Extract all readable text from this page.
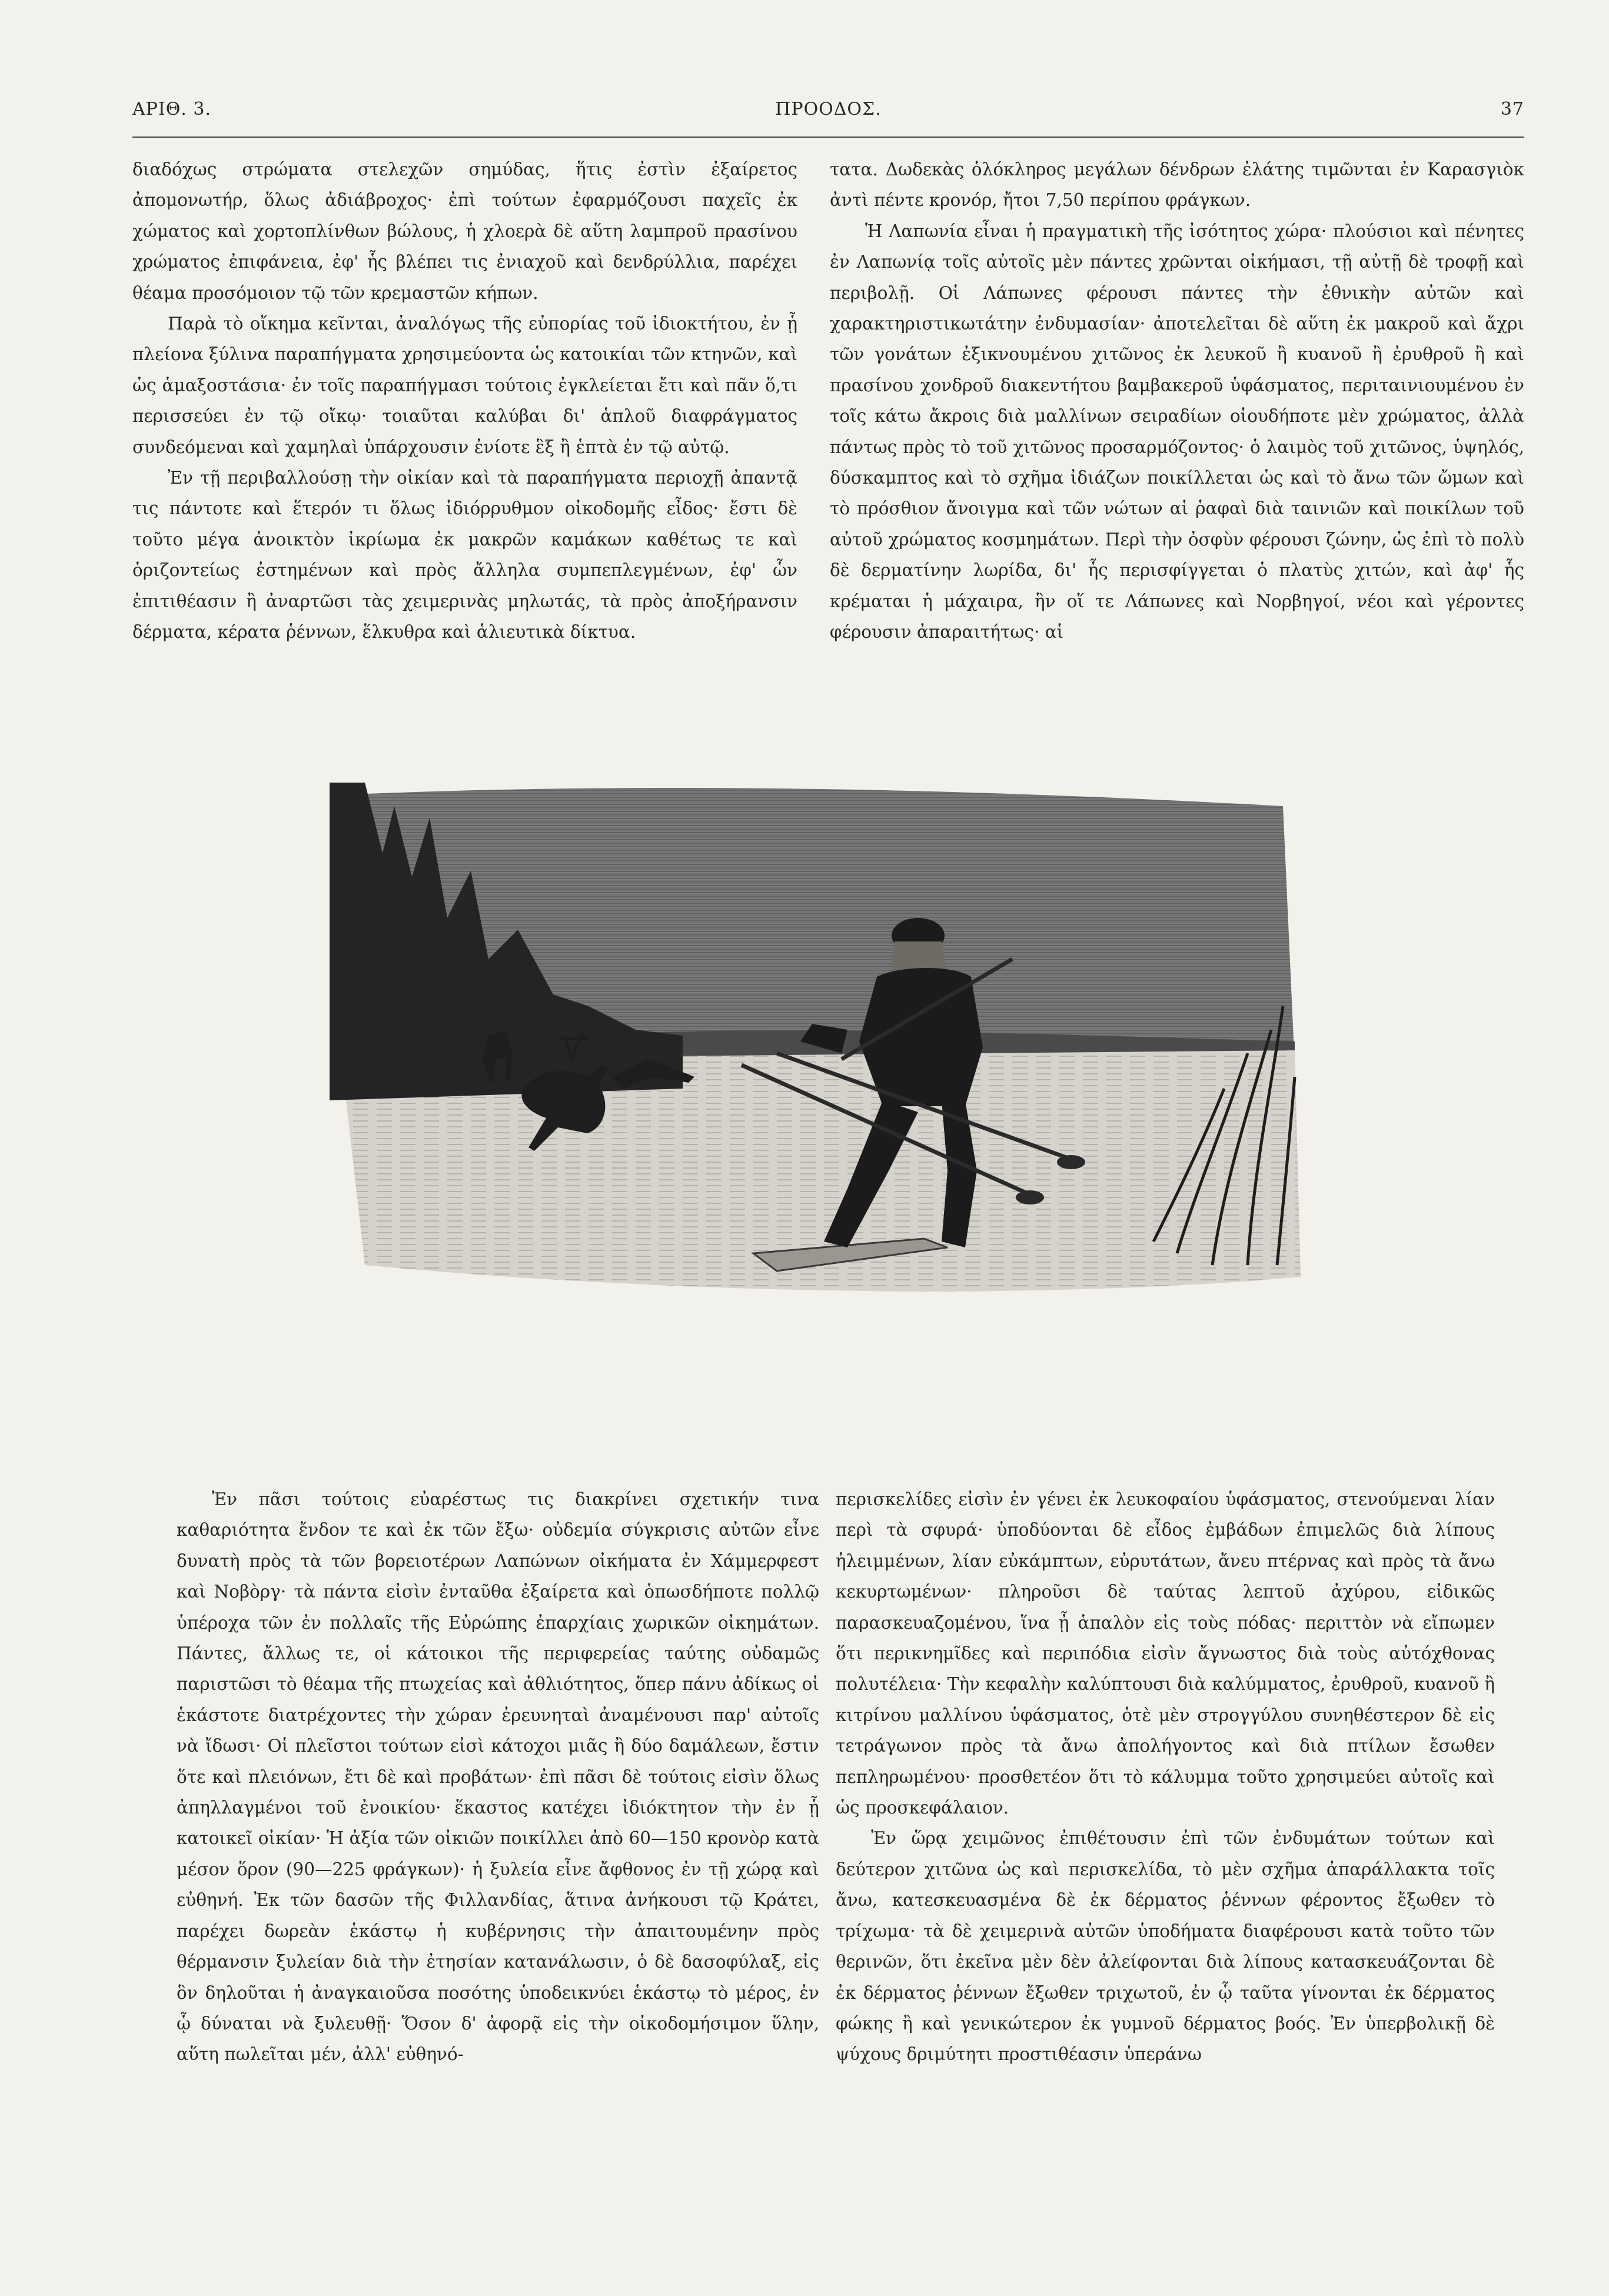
ΑΡΙΘ. 3.	ΠΡΟΟΔΟΣ.	37

διαδόχως στρώματα στελεχῶν σημύδας, ἥτις ἐστὶν ἐξαίρετος ἀπομονωτήρ, ὅλως ἀδιάβροχος· ἐπὶ τούτων ἐφαρμόζουσι παχεῖς ἐκ χώματος καὶ χορτοπλίνθων βώλους, ἡ χλοερὰ δὲ αὕτη λαμπροῦ πρασίνου χρώματος ἐπιφάνεια, ἐφ' ἧς βλέπει τις ἐνιαχοῦ καὶ δενδρύλλια, παρέχει θέαμα προσόμοιον τῷ τῶν κρεμαστῶν κήπων.

Παρὰ τὸ οἴκημα κεῖνται, ἀναλόγως τῆς εὐπορίας τοῦ ἰδιοκτήτου, ἐν ᾗ πλείονα ξύλινα παραπήγματα χρησιμεύοντα ὡς κατοικίαι τῶν κτηνῶν, καὶ ὡς ἁμαξοστάσια· ἐν τοῖς παραπήγμασι τούτοις ἐγκλείεται ἔτι καὶ πᾶν ὅ,τι περισσεύει ἐν τῷ οἴκῳ· τοιαῦται καλύβαι δι' ἁπλοῦ διαφράγματος συνδεόμεναι καὶ χαμηλαὶ ὑπάρχουσιν ἐνίοτε ἓξ ἢ ἑπτὰ ἐν τῷ αὐτῷ.

Ἐν τῇ περιβαλλούσῃ τὴν οἰκίαν καὶ τὰ παραπήγματα περιοχῇ ἀπαντᾷ τις πάντοτε καὶ ἕτερόν τι ὅλως ἰδιόρρυθμον οἰκοδομῆς εἶδος· ἔστι δὲ τοῦτο μέγα ἀνοικτὸν ἰκρίωμα ἐκ μακρῶν καμάκων καθέτως τε καὶ ὁριζοντείως ἐστημένων καὶ πρὸς ἄλληλα συμπεπλεγμένων, ἐφ' ὧν ἐπιτιθέασιν ἢ ἀναρτῶσι τὰς χειμερινὰς μηλωτάς, τὰ πρὸς ἀποξήρανσιν δέρματα, κέρατα ῥέννων, ἕλκυθρα καὶ ἁλιευτικὰ δίκτυα.

τατα. Δωδεκὰς ὁλόκληρος μεγάλων δένδρων ἐλάτης τιμῶνται ἐν Καρασγιὸκ ἀντὶ πέντε κρονόρ, ἤτοι 7,50 περίπου φράγκων.

Ἡ Λαπωνία εἶναι ἡ πραγματικὴ τῆς ἰσότητος χώρα· πλούσιοι καὶ πένητες ἐν Λαπωνίᾳ τοῖς αὐτοῖς μὲν πάντες χρῶνται οἰκήμασι, τῇ αὐτῇ δὲ τροφῇ καὶ περιβολῇ. Οἱ Λάπωνες φέρουσι πάντες τὴν ἐθνικὴν αὐτῶν καὶ χαρακτηριστικωτάτην ἐνδυμασίαν· ἀποτελεῖται δὲ αὕτη ἐκ μακροῦ καὶ ἄχρι τῶν γονάτων ἐξικνουμένου χιτῶνος ἐκ λευκοῦ ἢ κυανοῦ ἢ ἐρυθροῦ ἢ καὶ πρασίνου χονδροῦ διακεντήτου βαμβακεροῦ ὑφάσματος, περιταινιουμένου ἐν τοῖς κάτω ἄκροις διὰ μαλλίνων σειραδίων οἱουδήποτε μὲν χρώματος, ἀλλὰ πάντως πρὸς τὸ τοῦ χιτῶνος προσαρμόζοντος· ὁ λαιμὸς τοῦ χιτῶνος, ὑψηλός, δύσκαμπτος καὶ τὸ σχῆμα ἰδιάζων ποικίλλεται ὡς καὶ τὸ ἄνω τῶν ὤμων καὶ τὸ πρόσθιον ἄνοιγμα καὶ τῶν νώτων αἱ ῥαφαὶ διὰ ταινιῶν καὶ ποικίλων τοῦ αὐτοῦ χρώματος κοσμημάτων. Περὶ τὴν ὀσφὺν φέρουσι ζώνην, ὡς ἐπὶ τὸ πολὺ δὲ δερματίνην λωρίδα, δι' ἧς περισφίγγεται ὁ πλατὺς χιτών, καὶ ἀφ' ἧς κρέμαται ἡ μάχαιρα, ἣν οἵ τε Λάπωνες καὶ Νορβηγοί, νέοι καὶ γέροντες φέρουσιν ἀπαραιτήτως· αἱ

Ἐν πᾶσι τούτοις εὐαρέστως τις διακρίνει σχετικήν τινα καθαριότητα ἔνδον τε καὶ ἐκ τῶν ἔξω· οὐδεμία σύγκρισις αὐτῶν εἶνε δυνατὴ πρὸς τὰ τῶν βορειοτέρων Λαπώνων οἰκήματα ἐν Χάμμερφεστ καὶ Νοβὸργ· τὰ πάντα εἰσὶν ἐνταῦθα ἐξαίρετα καὶ ὁπωσδήποτε πολλῷ ὑπέροχα τῶν ἐν πολλαῖς τῆς Εὐρώπης ἐπαρχίαις χωρικῶν οἰκημάτων. Πάντες, ἄλλως τε, οἱ κάτοικοι τῆς περιφερείας ταύτης οὐδαμῶς παριστῶσι τὸ θέαμα τῆς πτωχείας καὶ ἀθλιότητος, ὅπερ πάνυ ἀδίκως οἱ ἑκάστοτε διατρέχοντες τὴν χώραν ἐρευνηταὶ ἀναμένουσι παρ' αὐτοῖς νὰ ἴδωσι· Οἱ πλεῖστοι τούτων εἰσὶ κάτοχοι μιᾶς ἢ δύο δαμάλεων, ἔστιν ὅτε καὶ πλειόνων, ἔτι δὲ καὶ προβάτων· ἐπὶ πᾶσι δὲ τούτοις εἰσὶν ὅλως ἀπηλλαγμένοι τοῦ ἐνοικίου· ἕκαστος κατέχει ἰδιόκτητον τὴν ἐν ᾗ κατοικεῖ οἰκίαν· Ἡ ἀξία τῶν οἰκιῶν ποικίλλει ἀπὸ 60—150 κρονὸρ κατὰ μέσον ὅρον (90—225 φράγκων)· ἡ ξυλεία εἶνε ἄφθονος ἐν τῇ χώρᾳ καὶ εὐθηνή. Ἐκ τῶν δασῶν τῆς Φιλλανδίας, ἅτινα ἀνήκουσι τῷ Κράτει, παρέχει δωρεὰν ἑκάστῳ ἡ κυβέρνησις τὴν ἀπαιτουμένην πρὸς θέρμανσιν ξυλείαν διὰ τὴν ἐτησίαν κατανάλωσιν, ὁ δὲ δασοφύλαξ, εἰς ὃν δηλοῦται ἡ ἀναγκαιοῦσα ποσότης ὑποδεικνύει ἑκάστῳ τὸ μέρος, ἐν ᾧ δύναται νὰ ξυλευθῇ· Ὅσον δ' ἀφορᾷ εἰς τὴν οἰκοδομήσιμον ὕλην, αὕτη πωλεῖται μέν, ἀλλ' εὐθηνό-

περισκελίδες εἰσὶν ἐν γένει ἐκ λευκοφαίου ὑφάσματος, στενούμεναι λίαν περὶ τὰ σφυρά· ὑποδύονται δὲ εἶδος ἐμβάδων ἐπιμελῶς διὰ λίπους ἠλειμμένων, λίαν εὐκάμπτων, εὐρυτάτων, ἄνευ πτέρνας καὶ πρὸς τὰ ἄνω κεκυρτωμένων· πληροῦσι δὲ ταύτας λεπτοῦ ἀχύρου, εἰδικῶς παρασκευαζομένου, ἵνα ᾖ ἁπαλὸν εἰς τοὺς πόδας· περιττὸν νὰ εἴπωμεν ὅτι περικνημῖδες καὶ περιπόδια εἰσὶν ἄγνωστος διὰ τοὺς αὐτόχθονας πολυτέλεια· Τὴν κεφαλὴν καλύπτουσι διὰ καλύμματος, ἐρυθροῦ, κυανοῦ ἢ κιτρίνου μαλλίνου ὑφάσματος, ὁτὲ μὲν στρογγύλου συνηθέστερον δὲ εἰς τετράγωνον πρὸς τὰ ἄνω ἀπολήγοντος καὶ διὰ πτίλων ἔσωθεν πεπληρωμένου· προσθετέον ὅτι τὸ κάλυμμα τοῦτο χρησιμεύει αὐτοῖς καὶ ὡς προσκεφάλαιον.

Ἐν ὥρᾳ χειμῶνος ἐπιθέτουσιν ἐπὶ τῶν ἐνδυμάτων τούτων καὶ δεύτερον χιτῶνα ὡς καὶ περισκελίδα, τὸ μὲν σχῆμα ἀπαράλλακτα τοῖς ἄνω, κατεσκευασμένα δὲ ἐκ δέρματος ῥέννων φέροντος ἔξωθεν τὸ τρίχωμα· τὰ δὲ χειμερινὰ αὐτῶν ὑποδήματα διαφέρουσι κατὰ τοῦτο τῶν θερινῶν, ὅτι ἐκεῖνα μὲν δὲν ἀλείφονται διὰ λίπους κατασκευάζονται δὲ ἐκ δέρματος ῥέννων ἔξωθεν τριχωτοῦ, ἐν ᾧ ταῦτα γίνονται ἐκ δέρματος φώκης ἢ καὶ γενικώτερον ἐκ γυμνοῦ δέρματος βοός. Ἐν ὑπερβολικῇ δὲ ψύχους δριμύτητι προστιθέασιν ὑπεράνω
